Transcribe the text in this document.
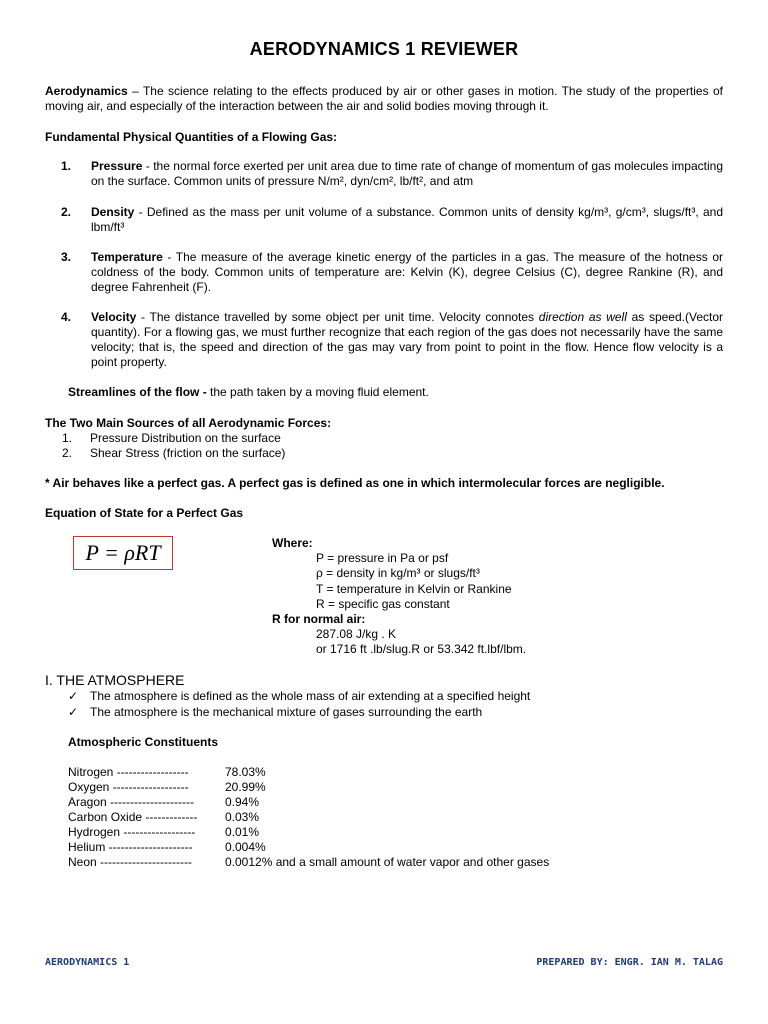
AERODYNAMICS 1 REVIEWER
Aerodynamics – The science relating to the effects produced by air or other gases in motion. The study of the properties of moving air, and especially of the interaction between the air and solid bodies moving through it.
Fundamental Physical Quantities of a Flowing Gas:
1. Pressure - the normal force exerted per unit area due to time rate of change of momentum of gas molecules impacting on the surface. Common units of pressure N/m², dyn/cm², lb/ft², and atm
2. Density - Defined as the mass per unit volume of a substance. Common units of density kg/m³, g/cm³, slugs/ft³, and lbm/ft³
3. Temperature - The measure of the average kinetic energy of the particles in a gas. The measure of the hotness or coldness of the body. Common units of temperature are: Kelvin (K), degree Celsius (C), degree Rankine (R), and degree Fahrenheit (F).
4. Velocity - The distance travelled by some object per unit time. Velocity connotes direction as well as speed.(Vector quantity). For a flowing gas, we must further recognize that each region of the gas does not necessarily have the same velocity; that is, the speed and direction of the gas may vary from point to point in the flow. Hence flow velocity is a point property.
Streamlines of the flow - the path taken by a moving fluid element.
The Two Main Sources of all Aerodynamic Forces:
1.	Pressure Distribution on the surface
2.	Shear Stress (friction on the surface)
* Air behaves like a perfect gas. A perfect gas is defined as one in which intermolecular forces are negligible.
Equation of State for a Perfect Gas
P = ρRT	Where:
P = pressure in Pa or psf
ρ = density in kg/m³ or slugs/ft³
T = temperature in Kelvin or Rankine
R = specific gas constant
R for normal air:
287.08 J/kg . K
or 1716 ft .lb/slug.R or 53.342 ft.lbf/lbm.
I. THE ATMOSPHERE
✓ The atmosphere is defined as the whole mass of air extending at a specified height
✓ The atmosphere is the mechanical mixture of gases surrounding the earth
Atmospheric Constituents
Nitrogen ------------------	78.03%
Oxygen -------------------	20.99%
Aragon ---------------------	0.94%
Carbon Oxide -------------	0.03%
Hydrogen ------------------	0.01%
Helium ---------------------	0.004%
Neon -----------------------	0.0012% and a small amount of water vapor and other gases
AERODYNAMICS 1	PREPARED BY: ENGR. IAN M. TALAG
